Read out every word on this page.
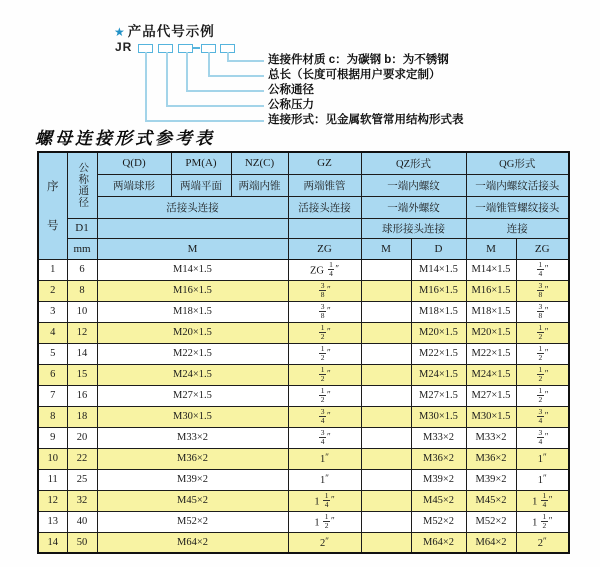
★ 产品代号示例
JR
连接件材质 c：为碳钢 b：为不锈钢
总长（长度可根据用户要求定制）
公称通径
公称压力
连接形式：见金属软管常用结构形式表
螺母连接形式参考表
序
号	公称通径	Q(D)	PM(A)	NZ(C)	GZ	QZ形式		QG形式	
		两端球形	两端平面	两端内锥	两端锥管	一端内螺纹		一端内螺纹活接头	
		活接头连接			活接头连接	一端外螺纹		一端锥管螺纹接头	
	D1					球形接头连接		连接	
	mm	M			ZG	M	D	M	ZG
1	6	M14×1.5			ZG $\frac{1}{4}$ ″		M14×1.5	M14×1.5	$\frac{1}{4}$ ″
2	8	M16×1.5			$\frac{3}{8}$ ″		M16×1.5	M16×1.5	$\frac{3}{8}$ ″
3	10	M18×1.5			$\frac{3}{8}$ ″		M18×1.5	M18×1.5	$\frac{3}{8}$ ″
4	12	M20×1.5			$\frac{1}{2}$ ″		M20×1.5	M20×1.5	$\frac{1}{2}$ ″
5	14	M22×1.5			$\frac{1}{2}$ ″		M22×1.5	M22×1.5	$\frac{1}{2}$ ″
6	15	M24×1.5			$\frac{1}{2}$ ″		M24×1.5	M24×1.5	$\frac{1}{2}$ ″
7	16	M27×1.5			$\frac{1}{2}$ ″		M27×1.5	M27×1.5	$\frac{1}{2}$ ″
8	18	M30×1.5			$\frac{3}{4}$ ″		M30×1.5	M30×1.5	$\frac{3}{4}$ ″
9	20	M33×2			$\frac{3}{4}$ ″		M33×2	M33×2	$\frac{3}{4}$ ″
10	22	M36×2			1″		M36×2	M36×2	1″
11	25	M39×2			1″		M39×2	M39×2	1″
12	32	M45×2			$1 \frac{1}{4}$ ″		M45×2	M45×2	$1 \frac{1}{4}$ ″
13	40	M52×2			$1 \frac{1}{2}$ ″		M52×2	M52×2	$1 \frac{1}{2}$ ″
14	50	M64×2			2″		M64×2	M64×2	2″
